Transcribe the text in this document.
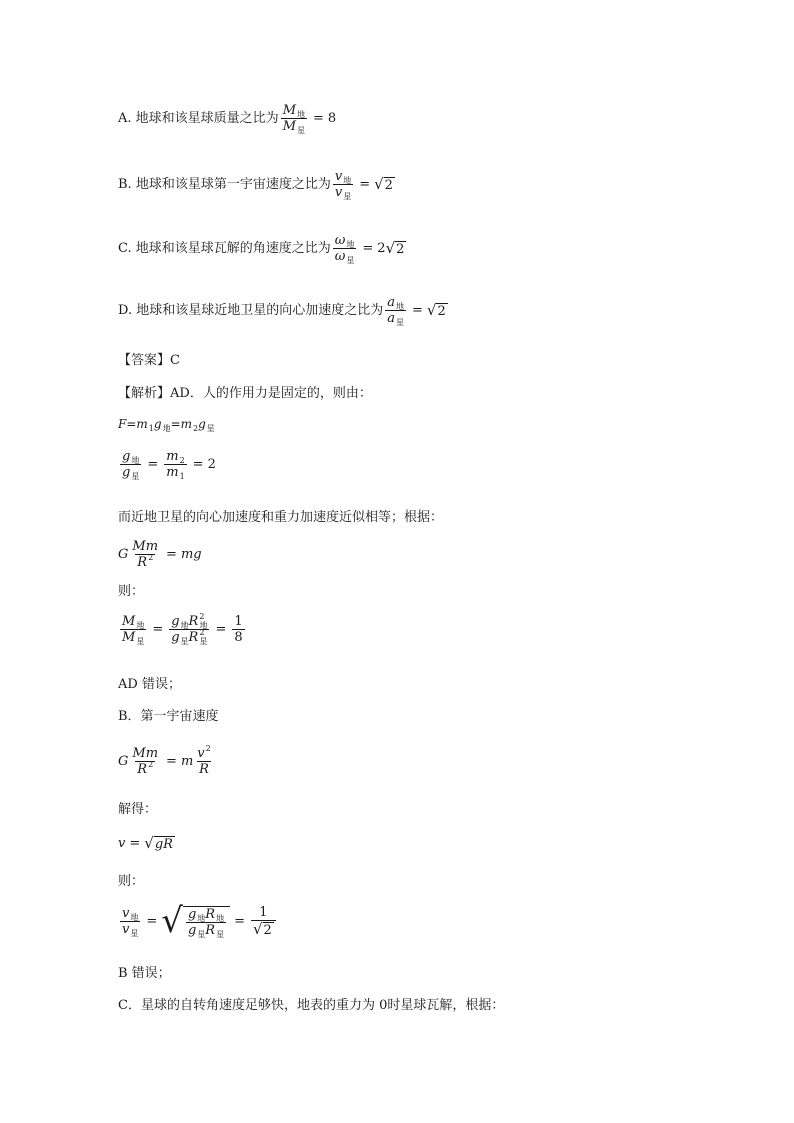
A.
地球和该星球质量之比为 $\frac{M_地}{M_星} = 8$
B.
地球和该星球第一宇宙速度之比为 $\frac{v_地}{v_星}$ = √ 2
C.
地球和该星球瓦解的角速度之比为 $\frac{\omega_地}{\omega_星} = 2$ √ 2
D.
地球和该星球近地卫星的向心加速度之比为 $\frac{a_地}{a_星}$ = √ 2
【答案】C
【解析】AD．人的作用力是固定的，则由：
$F=m_1g_地=m_2g_星$
$\frac{g_地}{g_星} = \frac{m_2}{m_1} = 2$
而近地卫星的向心加速度和重力加速度近似相等；根据：
G $\frac{Mm}{R^2}$ = mg
则：
$\frac{M_地}{M_星} = \frac{g_地R^2_地}{g_星R^2_星} = \frac{1}{8}$
AD 错误；
B．第一宇宙速度
G $\frac{Mm}{R^2} = m \frac{v^2}{R}$
解得：
v = √ gR
则：
$\frac{v_地}{v_星}$ = √ $\frac{g_地R_地}{g_星R_星} = \frac{1}{√ 2}$
B 错误；
C．星球的自转角速度足够快，地表的重力为 0时星球瓦解，根据：
